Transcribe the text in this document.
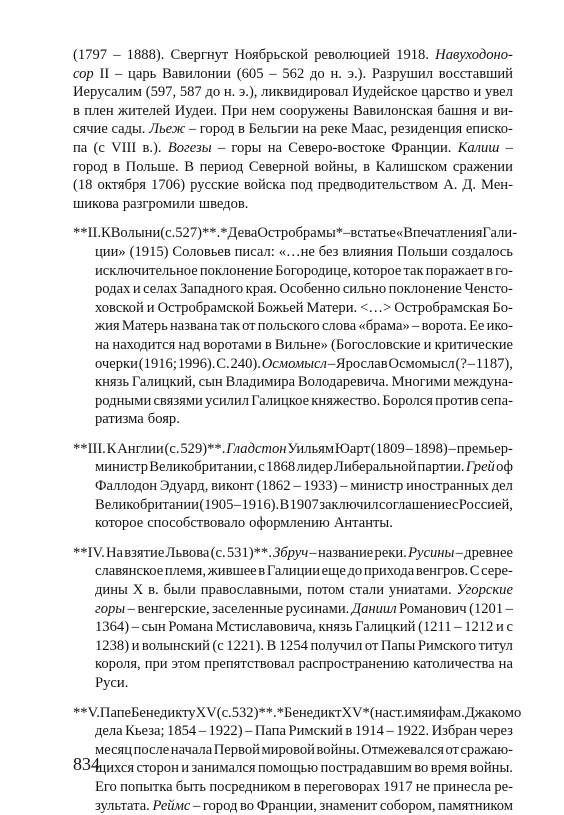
(1797 – 1888). Свергнут Ноябрьской революцией 1918. Навуходоно-
сор II – царь Вавилонии (605 – 562 до н. э.). Разрушил восставший
Иерусалим (597, 587 до н. э.), ликвидировал Иудейское царство и увел
в плен жителей Иудеи. При нем сооружены Вавилонская башня и ви-
сячие сады. Льеж – город в Бельгии на реке Маас, резиденция еписко-
па (с VIII в.). Вогезы – горы на Северо-востоке Франции. Калиш –
город в Польше. В период Северной войны, в Калишском сражении
(18 октября 1706) русские войска под предводительством А. Д. Мен-
шикова разгромили шведов.
**II. К Волыни (с. 527)**. *Дева Остробрамы* – в статье «Впечатления Гали-
ции» (1915) Соловьев писал: «…не без влияния Польши создалось
исключительное поклонение Богородице, которое так поражает в го-
родах и селах Западного края. Особенно сильно поклонение Ченсто-
ховской и Остробрамской Божьей Матери. <…> Остробрамская Бо-
жия Матерь названа так от польского слова «брама» – ворота. Ее ико-
на находится над воротами в Вильне» (Богословские и критические
очерки (1916; 1996). С. 240). Осмомысл – Ярослав Осмомысл (? – 1187),
князь Галицкий, сын Владимира Володаревича. Многими междуна-
родными связями усилил Галицкое княжество. Боролся против сепа-
ратизма бояр.
**III. К Англии (с. 529)**. Гладстон Уильям Юарт (1809 – 1898) – премьер-
министр Великобритании, с 1868 лидер Либеральной партии. Грей оф
Фаллодон Эдуард, виконт (1862 – 1933) – министр иностранных дел
Великобритании (1905 – 1916). В 1907 заключил соглашение с Россией,
которое способствовало оформлению Антанты.
**IV. На взятие Львова (с. 531)**. Збруч – название реки. Русины – древнее
славянское племя, жившее в Галиции еще до прихода венгров. С сере-
дины X в. были православными, потом стали униатами. Угорские
горы – венгерские, заселенные русинами. Даниил Романович (1201 –
1364) – сын Романа Мстиславовича, князь Галицкий (1211 – 1212 и с
1238) и волынский (с 1221). В 1254 получил от Папы Римского титул
короля, при этом препятствовал распространению католичества на
Руси.
**V. Папе Бенедикту XV (с. 532)**. *Бенедикт XV* (наст. имя и фам. Джакомо
дела Кьеза; 1854 – 1922) – Папа Римский в 1914 – 1922. Избран через
месяц после начала Первой мировой войны. Отмежевался от сражаю-
щихся сторон и занимался помощью пострадавшим во время войны.
Его попытка быть посредником в переговорах 1917 не принесла ре-
зультата. Реймс – город во Франции, знаменит собором, памятником
834
